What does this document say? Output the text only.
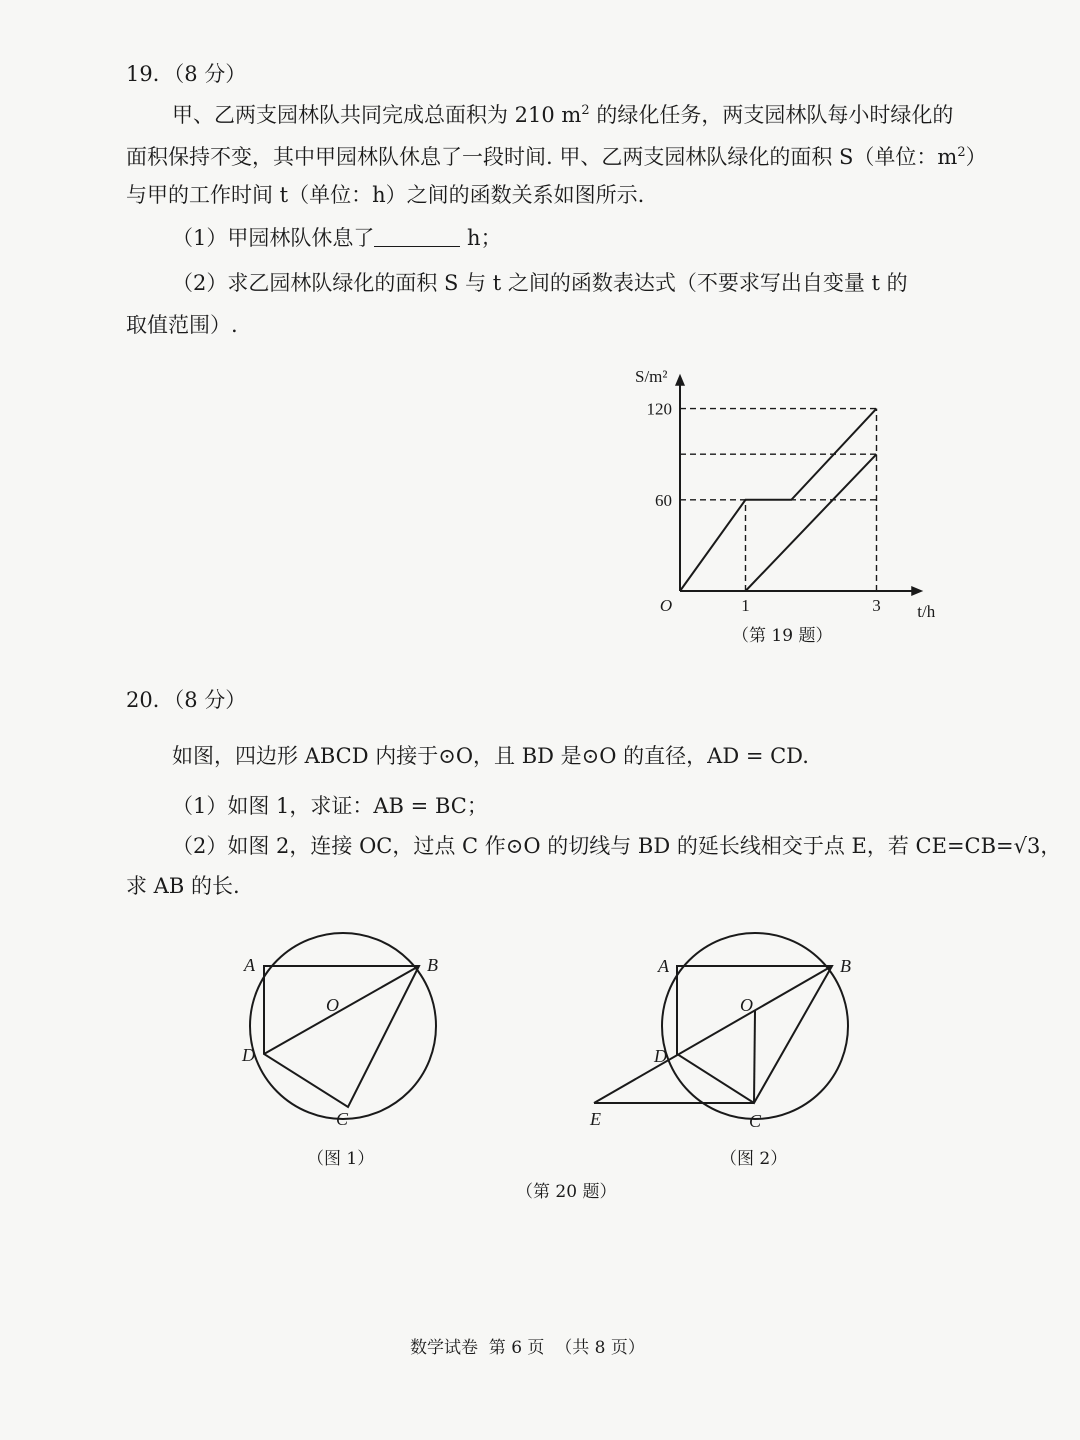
19．（8 分）
甲、乙两支园林队共同完成总面积为 210 $m^2$ 的绿化任务，两支园林队每小时绿化的
面积保持不变，其中甲园林队休息了一段时间. 甲、乙两支园林队绿化的面积 S（单位：$m^2$）
与甲的工作时间 t（单位：h）之间的函数关系如图所示.
（1）甲园林队休息了	h；
（2）求乙园林队绿化的面积 S 与 t 之间的函数表达式（不要求写出自变量 t 的
取值范围）.
60
120
1	3
O
S/m²
t/h
（第 19 题）
20．（8 分）
如图，四边形 ABCD 内接于⊙O，且 BD 是⊙O 的直径，AD = CD.
（1）如图 1，求证：AB = BC；
（2）如图 2，连接 OC，过点 C 作⊙O 的切线与 BD 的延长线相交于点 E，若 CE=CB=√3，
求 AB 的长.
A	B
C
D
O
（图 1）
A	B
C
D
O
E
（图 2）
（第 20 题）
数学试卷  第 6 页  （共 8 页）
